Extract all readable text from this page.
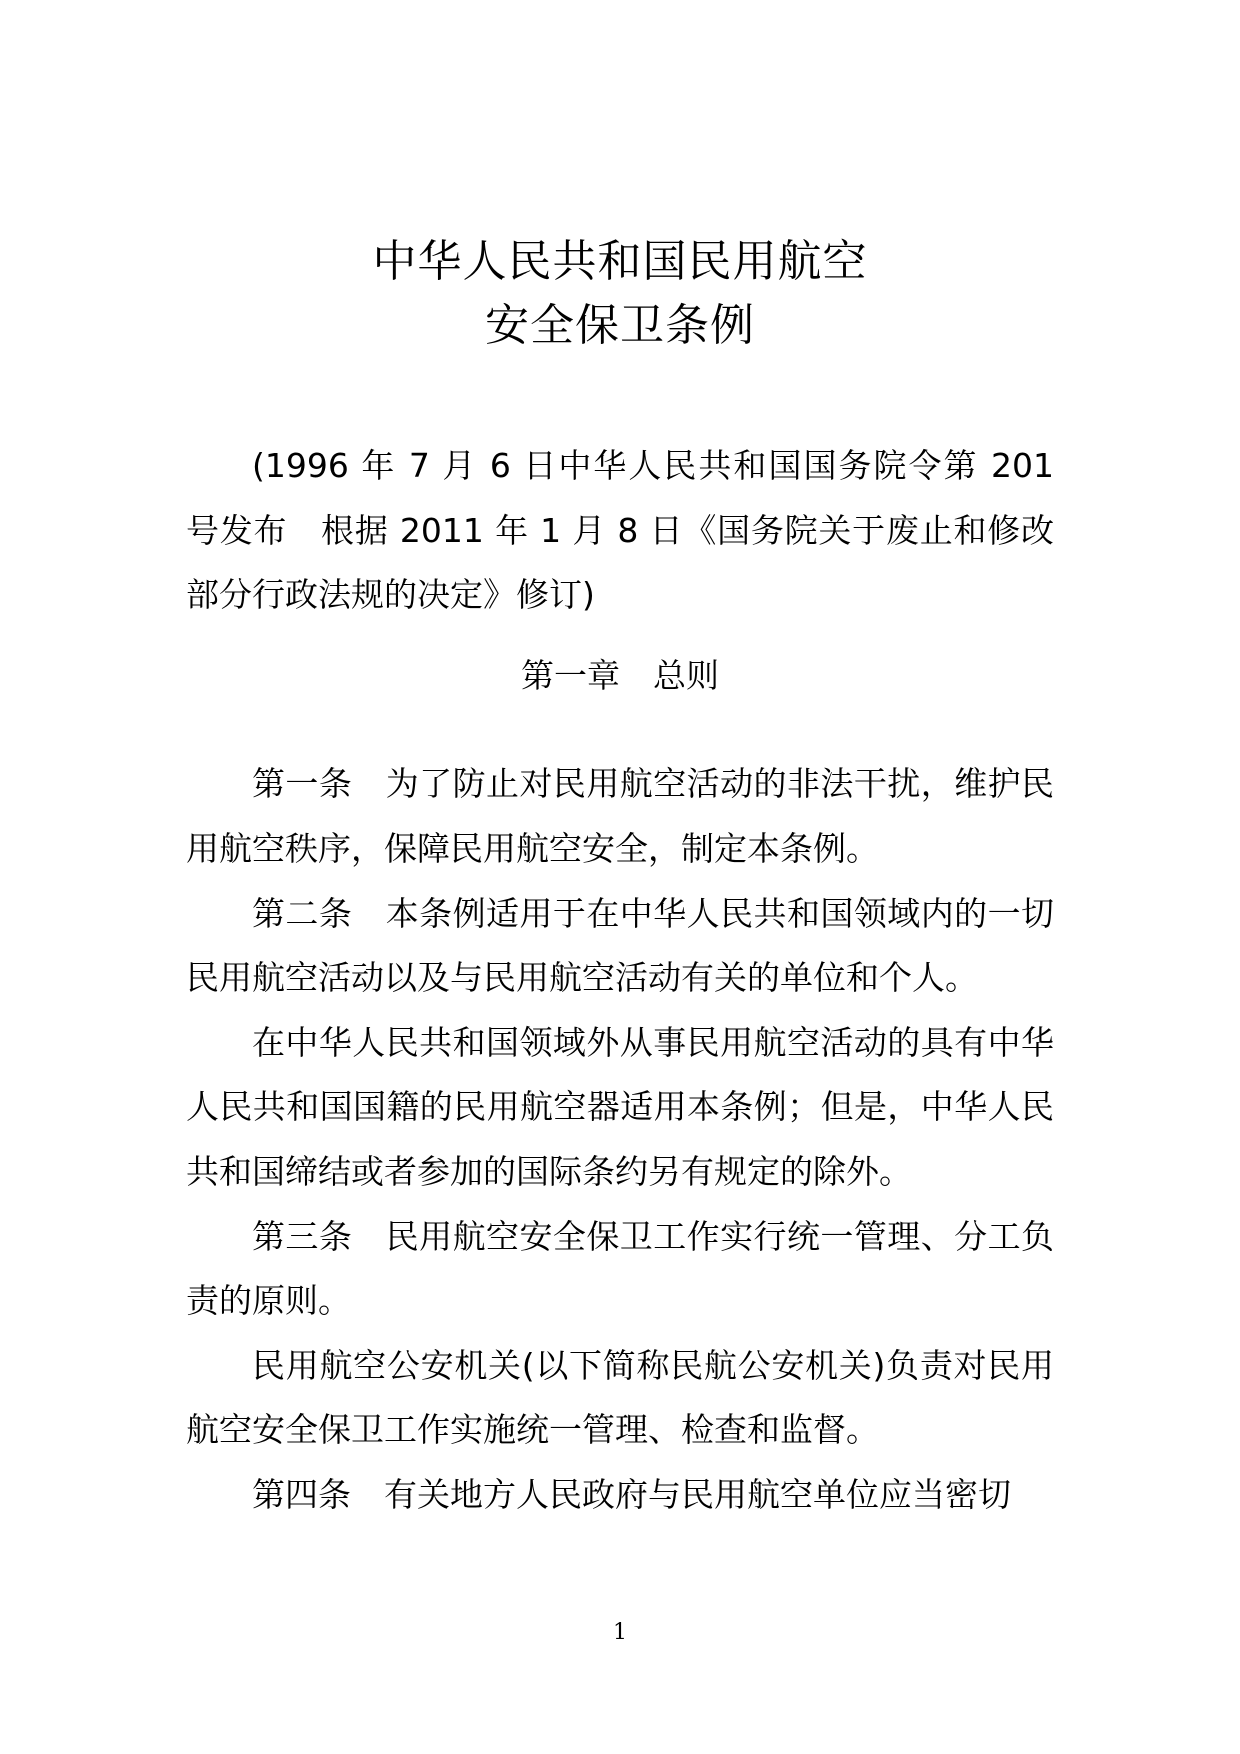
中华人民共和国民用航空
安全保卫条例

(1996 年 7 月 6 日中华人民共和国国务院令第 201 号发布　根据 2011 年 1 月 8 日《国务院关于废止和修改部分行政法规的决定》修订)

第一章　总则

第一条 为了防止对民用航空活动的非法干扰，维护民用航空秩序，保障民用航空安全，制定本条例。

第二条 本条例适用于在中华人民共和国领域内的一切民用航空活动以及与民用航空活动有关的单位和个人。

在中华人民共和国领域外从事民用航空活动的具有中华人民共和国国籍的民用航空器适用本条例；但是，中华人民共和国缔结或者参加的国际条约另有规定的除外。

第三条 民用航空安全保卫工作实行统一管理、分工负责的原则。

民用航空公安机关(以下简称民航公安机关)负责对民用航空安全保卫工作实施统一管理、检查和监督。

第四条 有关地方人民政府与民用航空单位应当密切

1
